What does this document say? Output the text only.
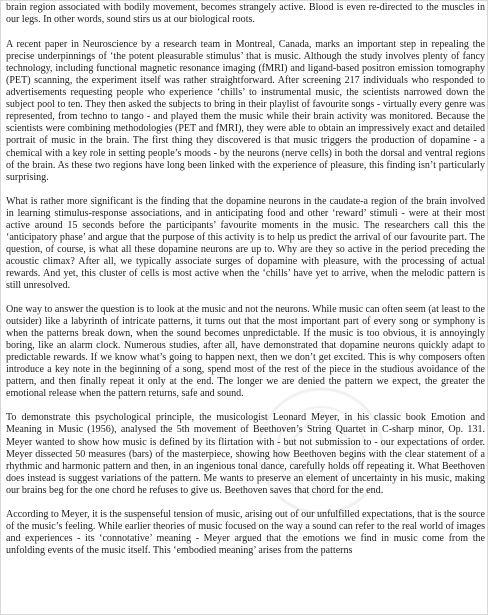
brain region associated with bodily movement, becomes strangely active. Blood is even re-directed to the muscles in our legs. In other words, sound stirs us at our biological roots.

A recent paper in Neuroscience by a research team in Montreal, Canada, marks an important step in repealing the precise underpinnings of ‘the potent pleasurable stimulus’ that is music. Although the study involves plenty of fancy technology, including functional magnetic resonance imaging (fMRI) and ligand-based positron emission tomography (PET) scanning, the experiment itself was rather straightforward. After screening 217 individuals who responded to advertisements requesting people who experience ‘chills’ to instrumental music, the scientists narrowed down the subject pool to ten. They then asked the subjects to bring in their playlist of favourite songs - virtually every genre was represented, from techno to tango - and played them the music while their brain activity was monitored. Because the scientists were combining methodologies (PET and fMRI), they were able to obtain an impressively exact and detailed portrait of music in the brain. The first thing they discovered is that music triggers the production of dopamine - a chemical with a key role in setting people’s moods - by the neurons (nerve cells) in both the dorsal and ventral regions of the brain. As these two regions have long been linked with the experience of pleasure, this finding isn’t particularly surprising.

What is rather more significant is the finding that the dopamine neurons in the caudate-a region of the brain involved in learning stimulus-response associations, and in anticipating food and other ‘reward’ stimuli - were at their most active around 15 seconds before the participants’ favourite moments in the music. The researchers call this the ‘anticipatory phase’ and argue that the purpose of this activity is to help us predict the arrival of our favourite part. The question, of course, is what all these dopamine neurons are up to. Why are they so active in the period preceding the acoustic climax? After all, we typically associate surges of dopamine with pleasure, with the processing of actual rewards. And yet, this cluster of cells is most active when the ‘chills’ have yet to arrive, when the melodic pattern is still unresolved.

One way to answer the question is to look at the music and not the neurons. While music can often seem (at least to the outsider) like a labyrinth of intricate patterns, it turns out that the most important part of every song or symphony is when the patterns break down, when the sound becomes unpredictable. If the music is too obvious, it is annoyingly boring, like an alarm clock. Numerous studies, after all, have demonstrated that dopamine neurons quickly adapt to predictable rewards. If we know what’s going to happen next, then we don’t get excited. This is why composers often introduce a key note in the beginning of a song, spend most of the rest of the piece in the studious avoidance of the pattern, and then finally repeat it only at the end. The longer we are denied the pattern we expect, the greater the emotional release when the pattern returns, safe and sound.

To demonstrate this psychological principle, the musicologist Leonard Meyer, in his classic book Emotion and Meaning in Music (1956), analysed the 5th movement of Beethoven’s String Quartet in C-sharp minor, Op. 131. Meyer wanted to show how music is defined by its flirtation with - but not submission to - our expectations of order. Meyer dissected 50 measures (bars) of the masterpiece, showing how Beethoven begins with the clear statement of a rhythmic and harmonic pattern and then, in an ingenious tonal dance, carefully holds off repeating it. What Beethoven does instead is suggest variations of the pattern. Me wants to preserve an element of uncertainty in his music, making our brains beg for the one chord he refuses to give us. Beethoven saves that chord for the end.

According to Meyer, it is the suspenseful tension of music, arising out of our unfulfilled expectations, that is the source of the music’s feeling. While earlier theories of music focused on the way a sound can refer to the real world of images and experiences - its ‘connotative’ meaning - Meyer argued that the emotions we find in music come from the unfolding events of the music itself. This ‘embodied meaning’ arises from the patterns
